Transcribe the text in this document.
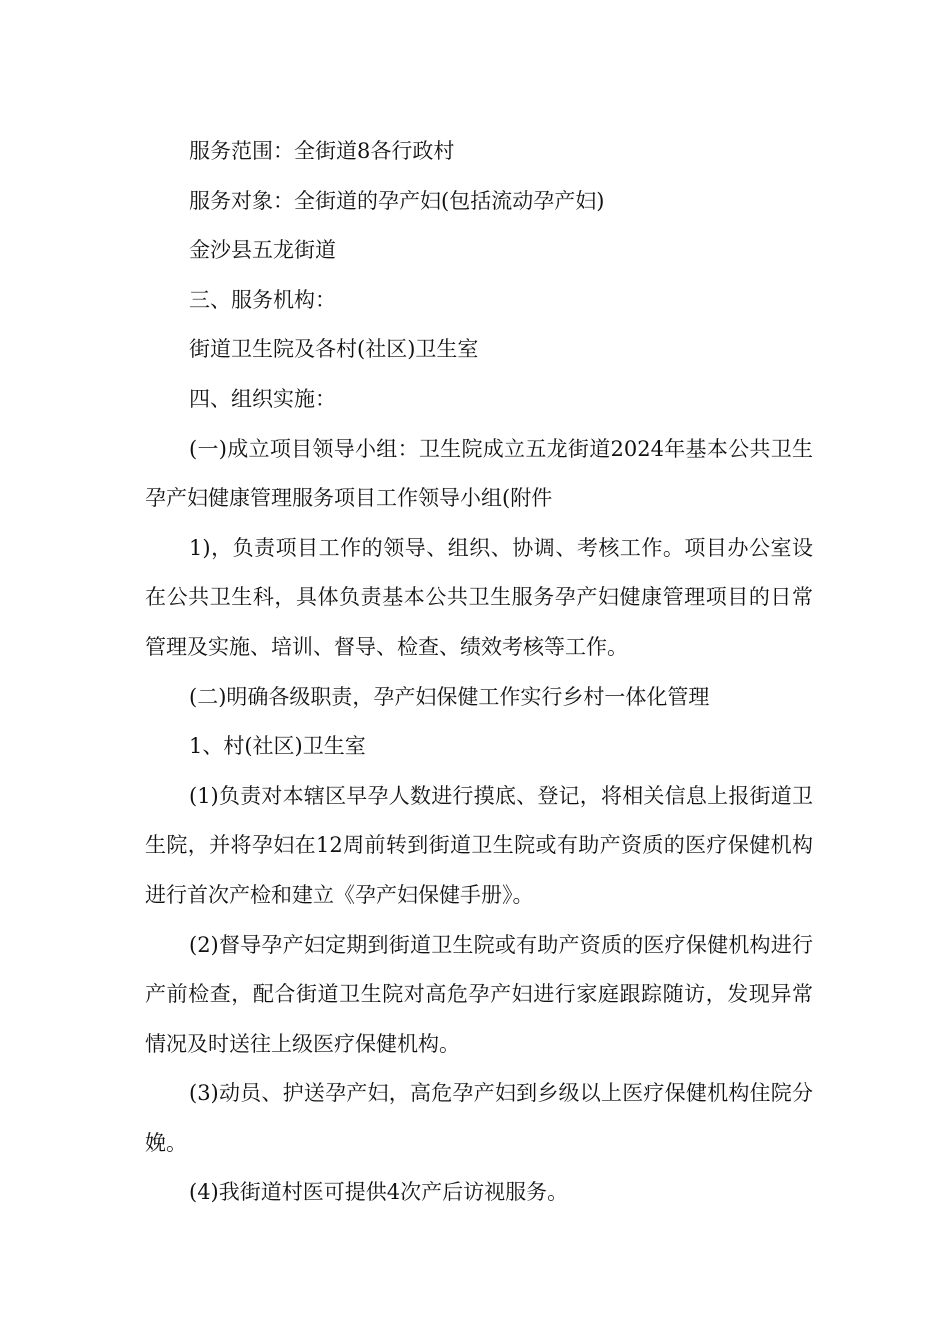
服务范围：全街道8各行政村

服务对象：全街道的孕产妇(包括流动孕产妇)

金沙县五龙街道

三、服务机构：

街道卫生院及各村(社区)卫生室

四、组织实施：

(一)成立项目领导小组：卫生院成立五龙街道2024年基本公共卫生孕产妇健康管理服务项目工作领导小组(附件

1)，负责项目工作的领导、组织、协调、考核工作。项目办公室设在公共卫生科，具体负责基本公共卫生服务孕产妇健康管理项目的日常管理及实施、培训、督导、检查、绩效考核等工作。

(二)明确各级职责，孕产妇保健工作实行乡村一体化管理

1、村(社区)卫生室

(1)负责对本辖区早孕人数进行摸底、登记，将相关信息上报街道卫生院，并将孕妇在12周前转到街道卫生院或有助产资质的医疗保健机构进行首次产检和建立《孕产妇保健手册》。

(2)督导孕产妇定期到街道卫生院或有助产资质的医疗保健机构进行产前检查，配合街道卫生院对高危孕产妇进行家庭跟踪随访，发现异常情况及时送往上级医疗保健机构。

(3)动员、护送孕产妇，高危孕产妇到乡级以上医疗保健机构住院分娩。

(4)我街道村医可提供4次产后访视服务。
